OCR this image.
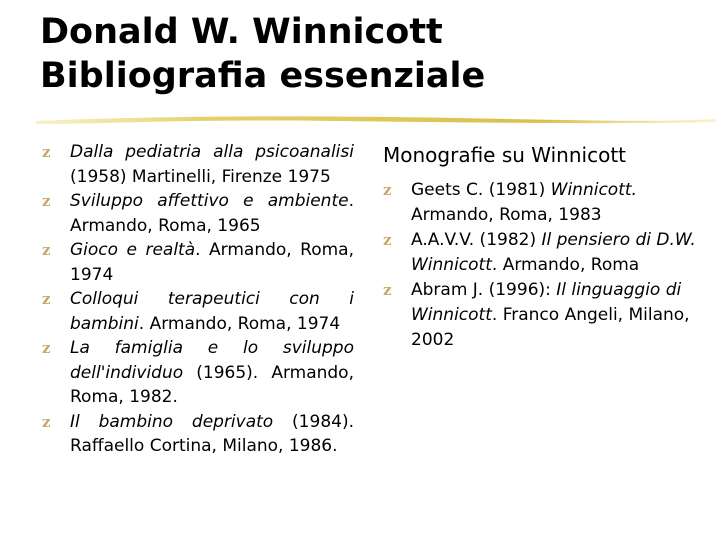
Donald W. Winnicott
Bibliografia essenziale
z Dalla pediatria alla psicoanalisi (1958) Martinelli, Firenze 1975
z Sviluppo affettivo e ambiente. Armando, Roma, 1965
z Gioco e realtà. Armando, Roma, 1974
z Colloqui terapeutici con i bambini. Armando, Roma, 1974
z La famiglia e lo sviluppo dell'individuo (1965). Armando, Roma, 1982.
z Il bambino deprivato (1984). Raffaello Cortina, Milano, 1986.
Monografie su Winnicott
z Geets C. (1981) Winnicott. Armando, Roma, 1983
z A.A.V.V. (1982) Il pensiero di D.W. Winnicott. Armando, Roma
z Abram J. (1996): Il linguaggio di Winnicott. Franco Angeli, Milano, 2002
